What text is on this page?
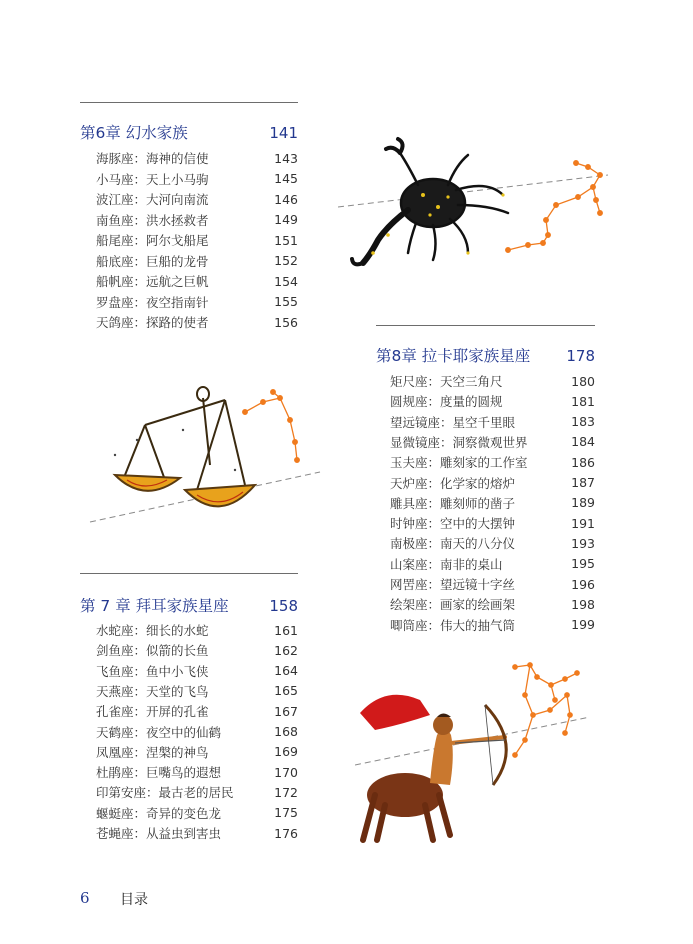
第6章 幻水家族	141
海豚座：海神的信使	143
小马座：天上小马驹	145
波江座：大河向南流	146
南鱼座：洪水拯救者	149
船尾座：阿尔戈船尾	151
船底座：巨船的龙骨	152
船帆座：远航之巨帆	154
罗盘座：夜空指南针	155
天鸽座：探路的使者	156
第8章 拉卡耶家族星座 178
矩尺座：天空三角尺	180
圆规座：度量的圆规	181
望远镜座：星空千里眼	183
显微镜座：洞察微观世界	184
玉夫座：雕刻家的工作室	186
天炉座：化学家的熔炉	187
雕具座：雕刻师的凿子	189
时钟座：空中的大摆钟	191
南极座：南天的八分仪	193
山案座：南非的桌山	195
网罟座：望远镜十字丝	196
绘架座：画家的绘画架	198
唧筒座：伟大的抽气筒	199
第 7 章 拜耳家族星座	158
水蛇座：细长的水蛇	161
剑鱼座：似箭的长鱼	162
飞鱼座：鱼中小飞侠	164
天燕座：天堂的飞鸟	165
孔雀座：开屏的孔雀	167
天鹤座：夜空中的仙鹤	168
凤凰座：涅槃的神鸟	169
杜鹃座：巨嘴鸟的遐想	170
印第安座：最古老的居民	172
蝘蜓座：奇异的变色龙	175
苍蝇座：从益虫到害虫	176
6 目录
